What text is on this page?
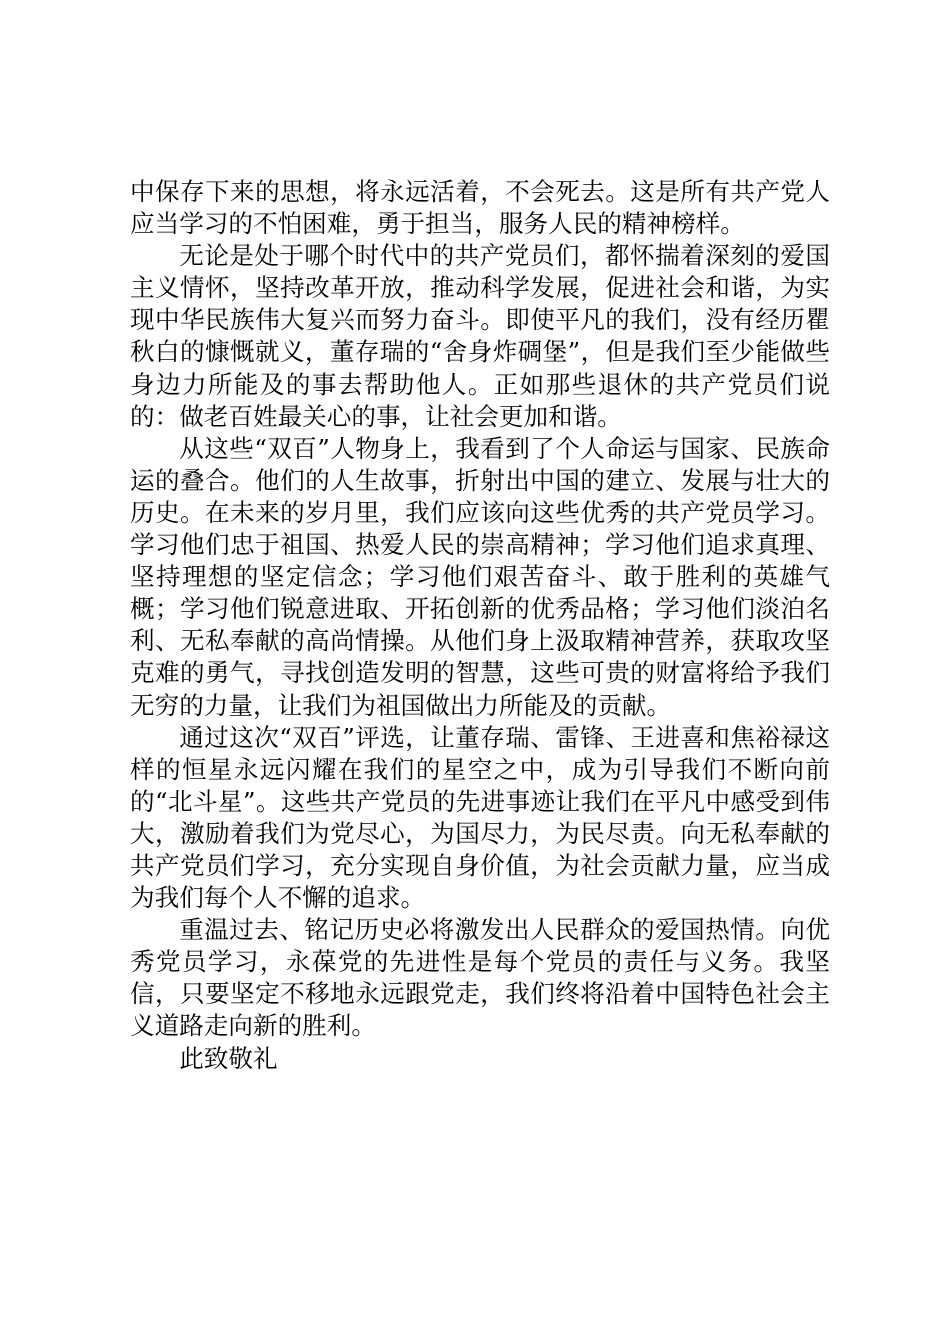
中保存下来的思想，将永远活着，不会死去。这是所有共产党人应当学习的不怕困难，勇于担当，服务人民的精神榜样。

无论是处于哪个时代中的共产党员们，都怀揣着深刻的爱国主义情怀，坚持改革开放，推动科学发展，促进社会和谐，为实现中华民族伟大复兴而努力奋斗。即使平凡的我们，没有经历瞿秋白的慷慨就义，董存瑞的“舍身炸碉堡”，但是我们至少能做些身边力所能及的事去帮助他人。正如那些退休的共产党员们说的：做老百姓最关心的事，让社会更加和谐。

从这些“双百”人物身上，我看到了个人命运与国家、民族命运的叠合。他们的人生故事，折射出中国的建立、发展与壮大的历史。在未来的岁月里，我们应该向这些优秀的共产党员学习。学习他们忠于祖国、热爱人民的崇高精神；学习他们追求真理、坚持理想的坚定信念；学习他们艰苦奋斗、敢于胜利的英雄气概；学习他们锐意进取、开拓创新的优秀品格；学习他们淡泊名利、无私奉献的高尚情操。从他们身上汲取精神营养，获取攻坚克难的勇气，寻找创造发明的智慧，这些可贵的财富将给予我们无穷的力量，让我们为祖国做出力所能及的贡献。

通过这次“双百”评选，让董存瑞、雷锋、王进喜和焦裕禄这样的恒星永远闪耀在我们的星空之中，成为引导我们不断向前的“北斗星”。这些共产党员的先进事迹让我们在平凡中感受到伟大，激励着我们为党尽心，为国尽力，为民尽责。向无私奉献的共产党员们学习，充分实现自身价值，为社会贡献力量，应当成为我们每个人不懈的追求。

重温过去、铭记历史必将激发出人民群众的爱国热情。向优秀党员学习，永葆党的先进性是每个党员的责任与义务。我坚信，只要坚定不移地永远跟党走，我们终将沿着中国特色社会主义道路走向新的胜利。

此致敬礼
